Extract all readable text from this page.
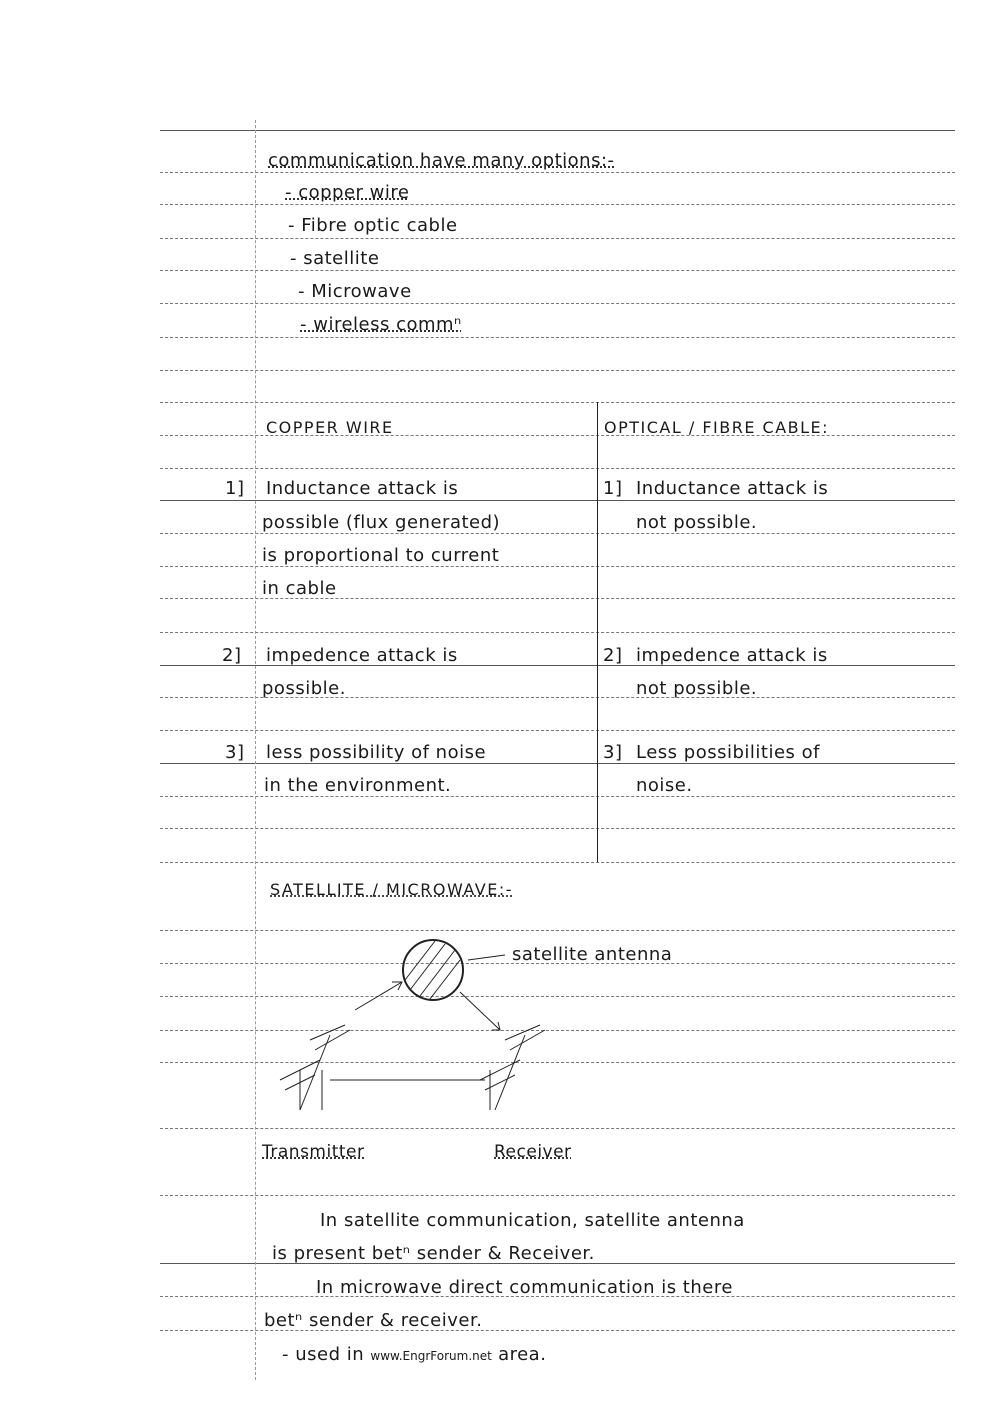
communication have many options:-
- copper wire
- Fibre optic cable
- satellite
- Microwave
- wireless commⁿ
COPPER WIRE	OPTICAL / FIBRE CABLE:
1] Inductance attack is
possible (flux generated)
is proportional to current
in cable
1] Inductance attack is
not possible.
2] impedence attack is
possible.
2] impedence attack is
not possible.
3] less possibility of noise
in the environment.
3] Less possibilities of
noise.
SATELLITE / MICROWAVE:-
satellite antenna
Transmitter	Receiver
In satellite communication, satellite antenna
is present betⁿ sender & Receiver.
In microwave direct communication is there
betⁿ sender & receiver.
- used in www.EngrForum.net area.
